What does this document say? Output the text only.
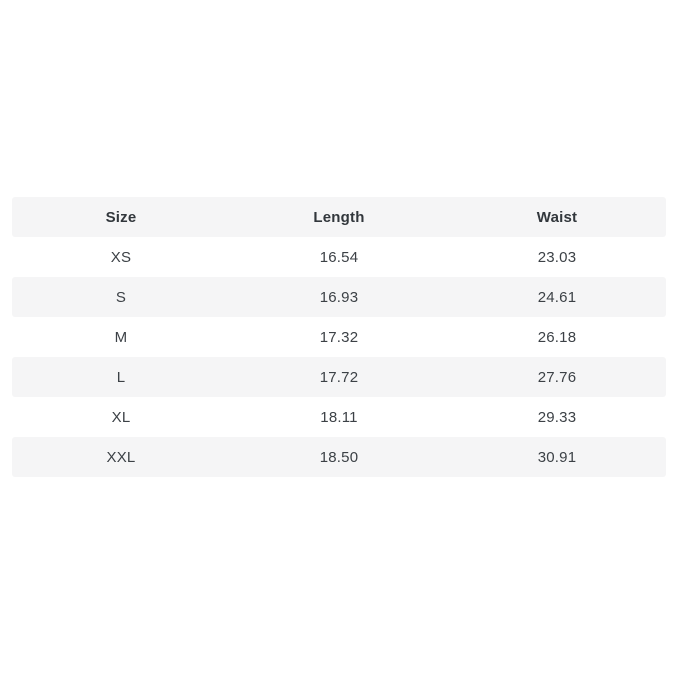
Size	Length	Waist
XS	16.54	23.03
S	16.93	24.61
M	17.32	26.18
L	17.72	27.76
XL	18.11	29.33
XXL	18.50	30.91
